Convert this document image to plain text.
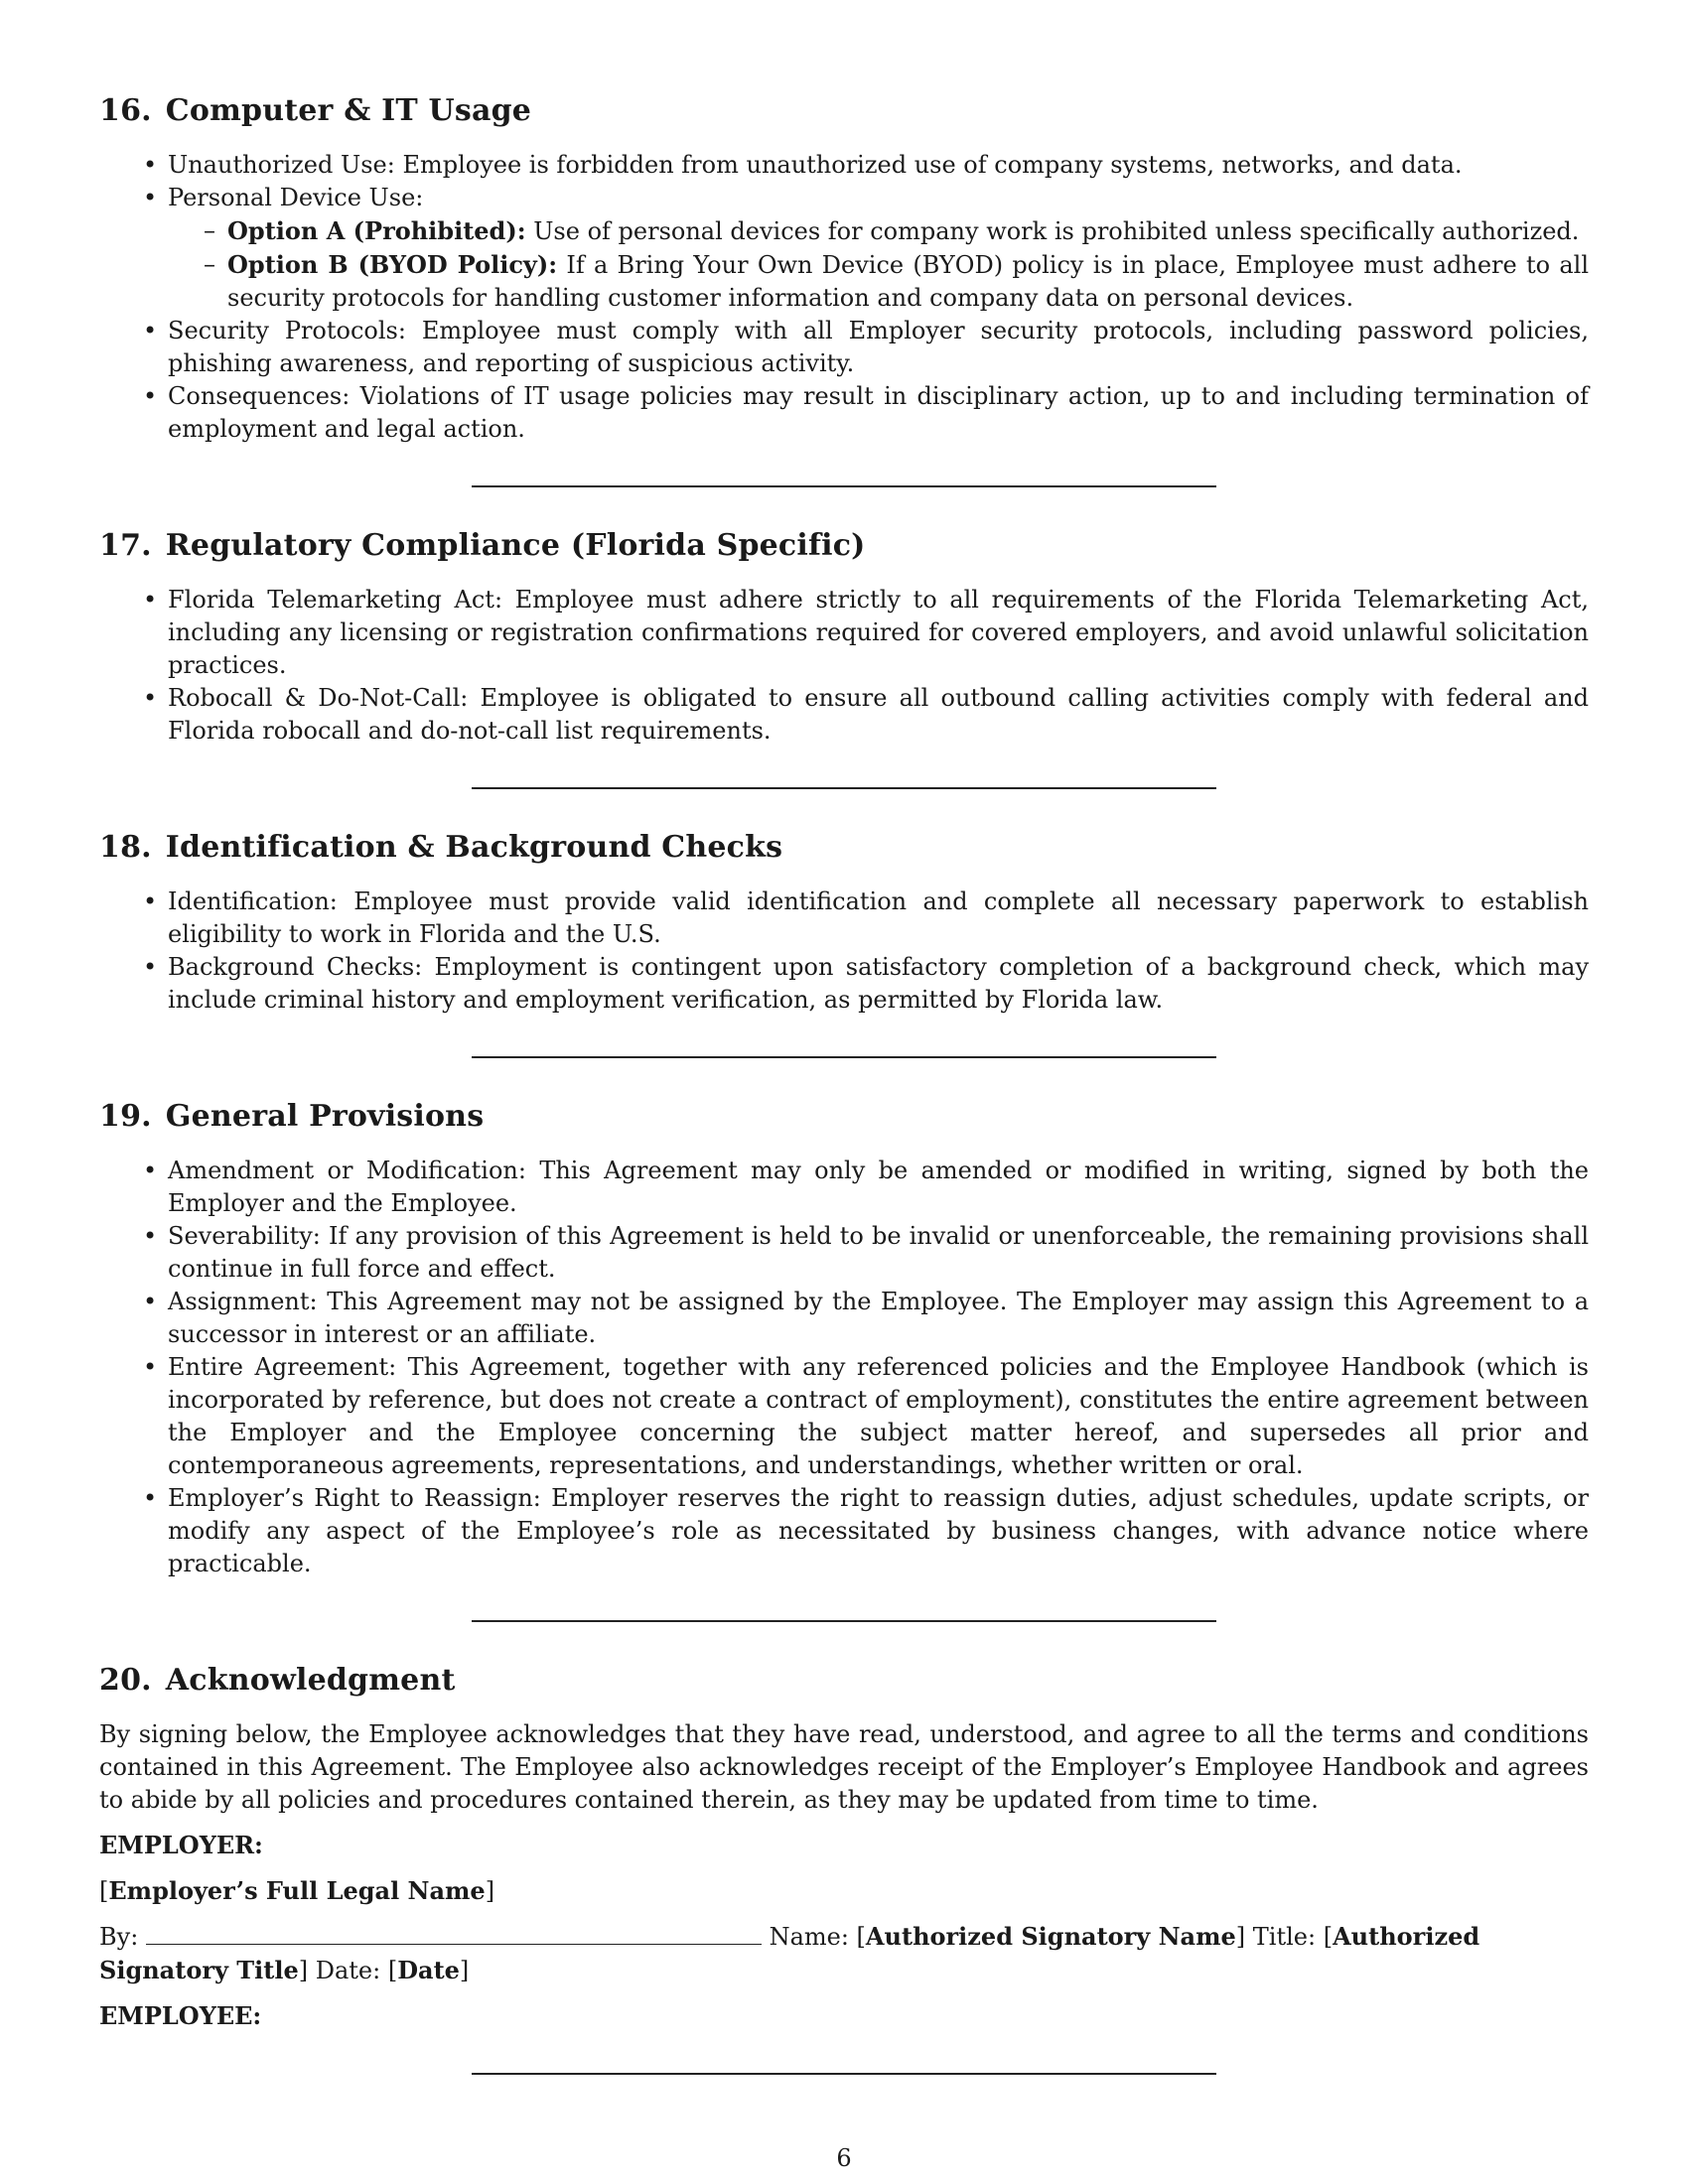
16. Computer & IT Usage
• Unauthorized Use: Employee is forbidden from unauthorized use of company systems, networks, and data.
• Personal Device Use:
– Option A (Prohibited): Use of personal devices for company work is prohibited unless specifically authorized.
– Option B (BYOD Policy): If a Bring Your Own Device (BYOD) policy is in place, Employee must adhere to all security protocols for handling customer information and company data on personal devices.
• Security Protocols: Employee must comply with all Employer security protocols, including password policies, phishing awareness, and reporting of suspicious activity.
• Consequences: Violations of IT usage policies may result in disciplinary action, up to and including termination of employment and legal action.
17. Regulatory Compliance (Florida Specific)
• Florida Telemarketing Act: Employee must adhere strictly to all requirements of the Florida Telemarketing Act, including any licensing or registration confirmations required for covered employers, and avoid unlawful solicitation practices.
• Robocall & Do-Not-Call: Employee is obligated to ensure all outbound calling activities comply with federal and Florida robocall and do-not-call list requirements.
18. Identification & Background Checks
• Identification: Employee must provide valid identification and complete all necessary paperwork to establish eligibility to work in Florida and the U.S.
• Background Checks: Employment is contingent upon satisfactory completion of a background check, which may include criminal history and employment verification, as permitted by Florida law.
19. General Provisions
• Amendment or Modification: This Agreement may only be amended or modified in writing, signed by both the Employer and the Employee.
• Severability: If any provision of this Agreement is held to be invalid or unenforceable, the remaining provisions shall continue in full force and effect.
• Assignment: This Agreement may not be assigned by the Employee. The Employer may assign this Agreement to a successor in interest or an affiliate.
• Entire Agreement: This Agreement, together with any referenced policies and the Employee Handbook (which is incorporated by reference, but does not create a contract of employment), constitutes the entire agreement between the Employer and the Employee concerning the subject matter hereof, and supersedes all prior and contemporaneous agreements, representations, and understandings, whether written or oral.
• Employer’s Right to Reassign: Employer reserves the right to reassign duties, adjust schedules, update scripts, or modify any aspect of the Employee’s role as necessitated by business changes, with advance notice where practicable.
20. Acknowledgment

By signing below, the Employee acknowledges that they have read, understood, and agree to all the terms and conditions contained in this Agreement. The Employee also acknowledges receipt of the Employer’s Employee Handbook and agrees to abide by all policies and procedures contained therein, as they may be updated from time to time.

EMPLOYER:
[Employer’s Full Legal Name]
By:	Name: [Authorized Signatory Name] Title: [Authorized Signatory Title] Date: [Date]
EMPLOYEE:
6
